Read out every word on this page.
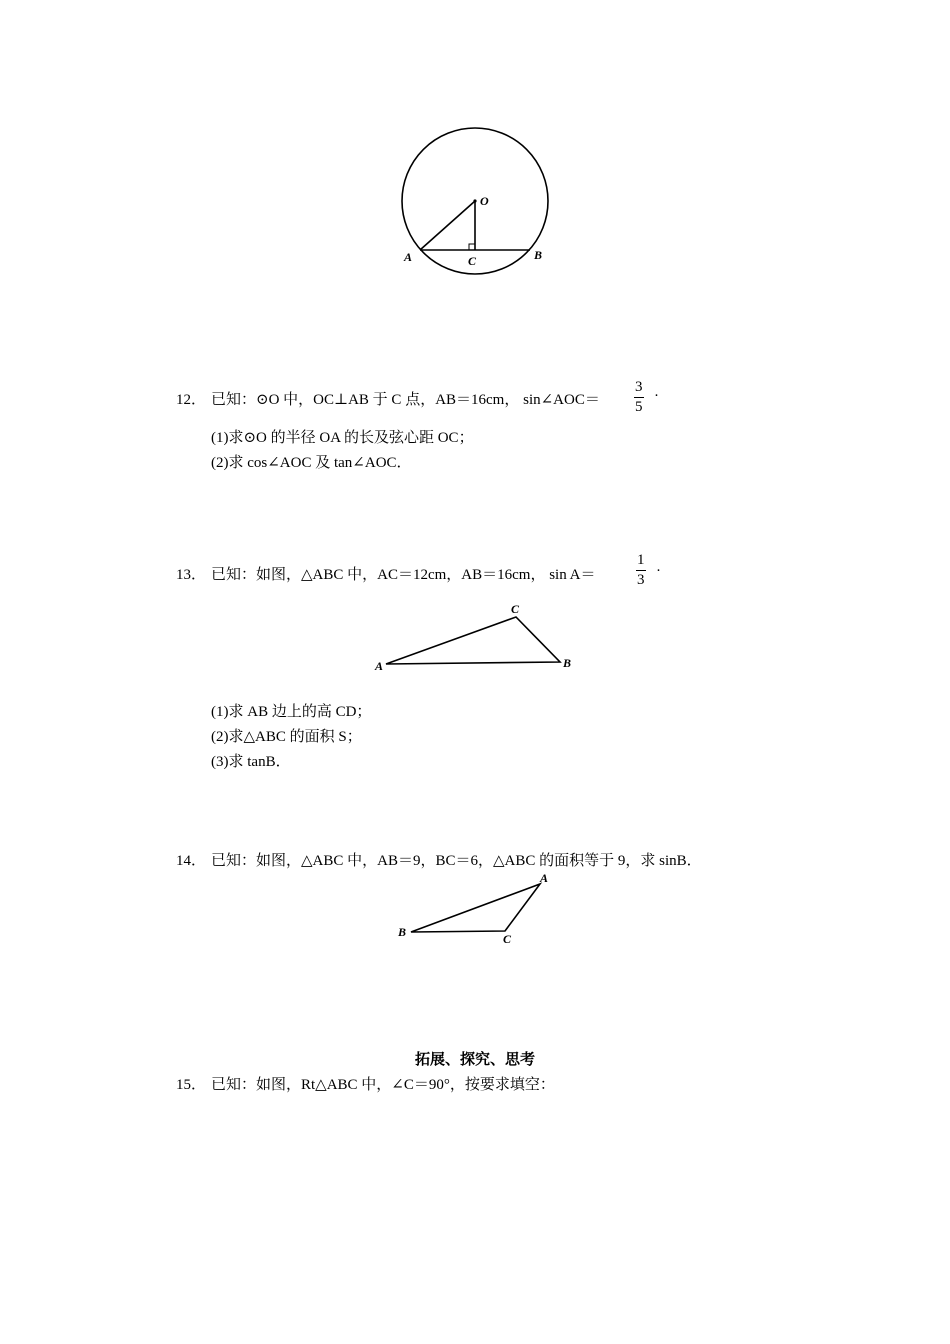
O
A	C	B
12． 已知：⊙O 中，OC⊥AB 于 C 点，AB＝16cm， sin∠AOC＝ $\frac{3}{5}$ ·
(1)求⊙O 的半径 OA 的长及弦心距 OC；
(2)求 cos∠AOC 及 tan∠AOC．
13． 已知：如图，△ABC 中，AC＝12cm，AB＝16cm， sin A＝	$\frac{1}{3}$ ·
A
C
B
(1)求 AB 边上的高 CD；
(2)求△ABC 的面积 S；
(3)求 tanB．
14． 已知：如图，△ABC 中，AB＝9，BC＝6，△ABC 的面积等于 9，求 sinB．
A
B	C
拓展、探究、思考
15． 已知：如图，Rt△ABC 中，∠C＝90°，按要求填空：
